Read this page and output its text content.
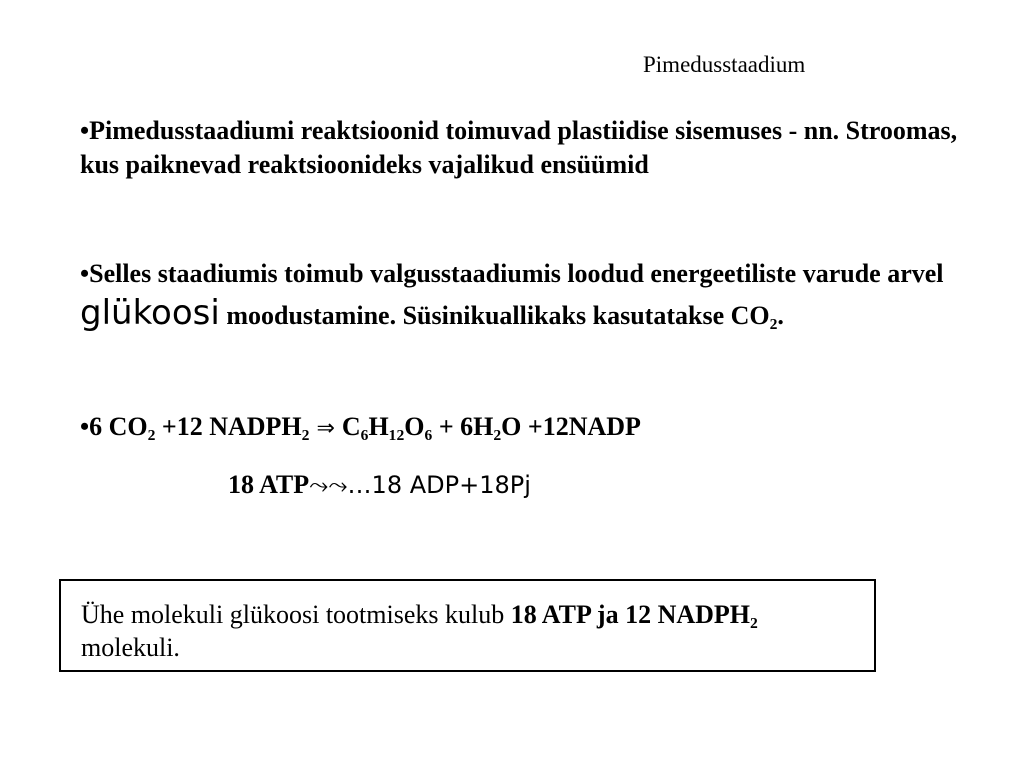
Pimedusstaadium
•Pimedusstaadiumi reaktsioonid toimuvad plastiidise sisemuses - nn. Stroomas, kus paiknevad reaktsioonideks vajalikud ensüümid
•Selles staadiumis toimub valgusstaadiumis loodud energeetiliste varude arvel glükoosi moodustamine. Süsinikuallikaks kasutatakse CO₂.
•6 CO₂ +12 NADPH₂ ⇒ C₆H₁₂O₆ + 6H₂O +12NADP
18 ATP⤳⤳…18 ADP+18Pj
Ühe molekuli glükoosi tootmiseks kulub 18 ATP ja 12 NADPH₂ molekuli.
